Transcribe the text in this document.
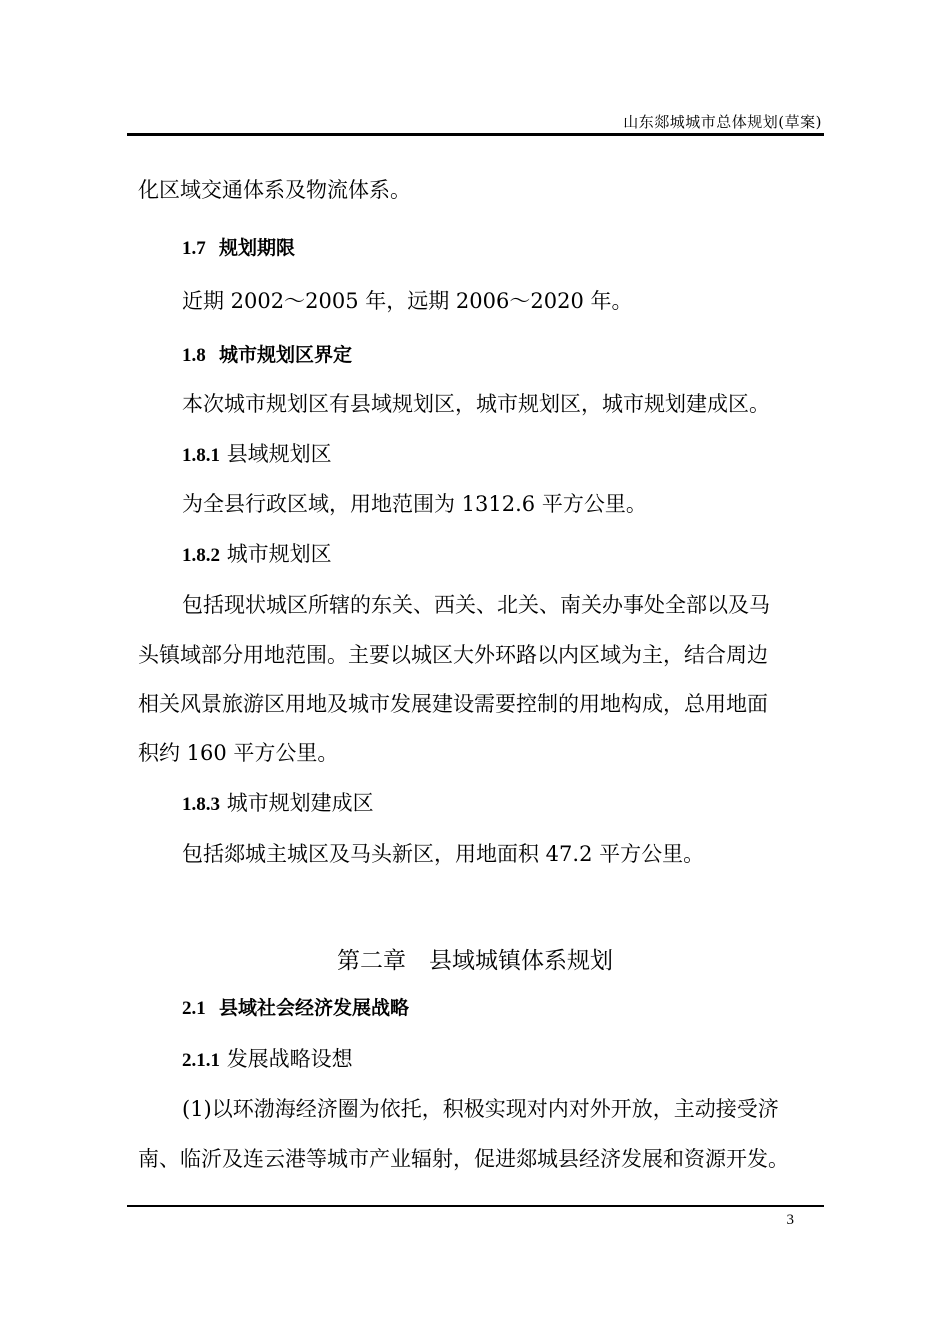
山东郯城城市总体规划(草案)
化区域交通体系及物流体系。
1.7 规划期限
近期 2002～2005 年，远期 2006～2020 年。
1.8 城市规划区界定
本次城市规划区有县域规划区，城市规划区，城市规划建成区。
1.8.1 县域规划区
为全县行政区域，用地范围为 1312.6 平方公里。
1.8.2 城市规划区
包括现状城区所辖的东关、西关、北关、南关办事处全部以及马
头镇域部分用地范围。主要以城区大外环路以内区域为主，结合周边
相关风景旅游区用地及城市发展建设需要控制的用地构成，总用地面
积约 160 平方公里。
1.8.3 城市规划建成区
包括郯城主城区及马头新区，用地面积 47.2 平方公里。
第二章　县域城镇体系规划
2.1 县域社会经济发展战略
2.1.1 发展战略设想
(1)以环渤海经济圈为依托，积极实现对内对外开放，主动接受济
南、临沂及连云港等城市产业辐射，促进郯城县经济发展和资源开发。
3
